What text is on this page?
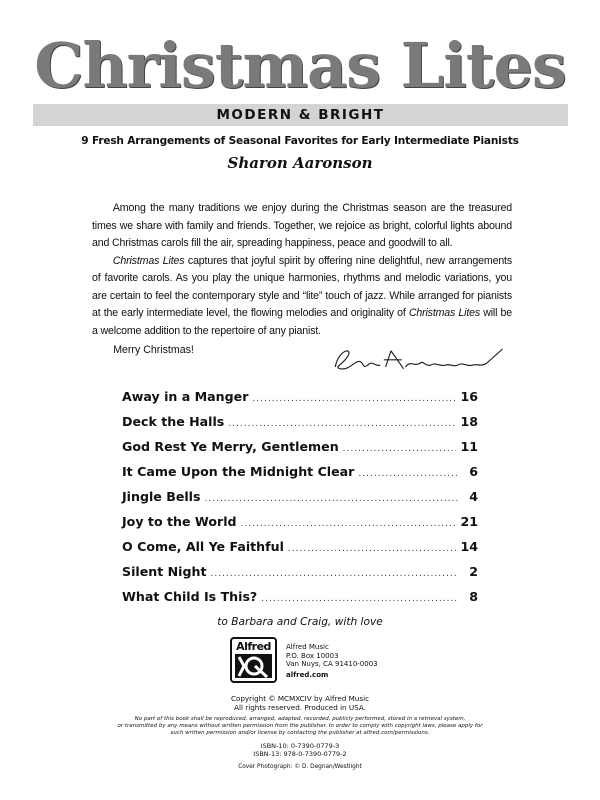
Christmas Lites
MODERN & BRIGHT
9 Fresh Arrangements of Seasonal Favorites for Early Intermediate Pianists
Sharon Aaronson

  Among the many traditions we enjoy during the Christmas season are the treasured times we share with family and friends. Together, we rejoice as bright, colorful lights abound and Christmas carols fill the air, spreading happiness, peace and goodwill to all.

  Christmas Lites captures that joyful spirit by offering nine delightful, new arrangements of favorite carols. As you play the unique harmonies, rhythms and melodic variations, you are certain to feel the contemporary style and “lite” touch of jazz. While arranged for pianists at the early intermediate level, the flowing melodies and originality of Christmas Lites will be a welcome addition to the repertoire of any pianist.

  Merry Christmas!
Away in a Manger .....	16
Deck the Halls .....	18
God Rest Ye Merry, Gentlemen .....	11
It Came Upon the Midnight Clear .....	6
Jingle Bells .....	4
Joy to the World .....	21
O Come, All Ye Faithful .....	14
Silent Night .....	2
What Child Is This? .....	8
to Barbara and Craig, with love
Alfred	Alfred Music
P.O. Box 10003
Van Nuys, CA 91410-0003
alfred.com
Copyright © MCMXCIV by Alfred Music
All rights reserved. Produced in USA.
No part of this book shall be reproduced, arranged, adapted, recorded, publicly performed, stored in a retrieval system,
or transmitted by any means without written permission from the publisher. In order to comply with copyright laws, please apply for
such written permission and/or license by contacting the publisher at alfred.com/permissions.
ISBN-10: 0-7390-0779-3
ISBN-13: 978-0-7390-0779-2
Cover Photograph: © D. Degnan/Westlight
